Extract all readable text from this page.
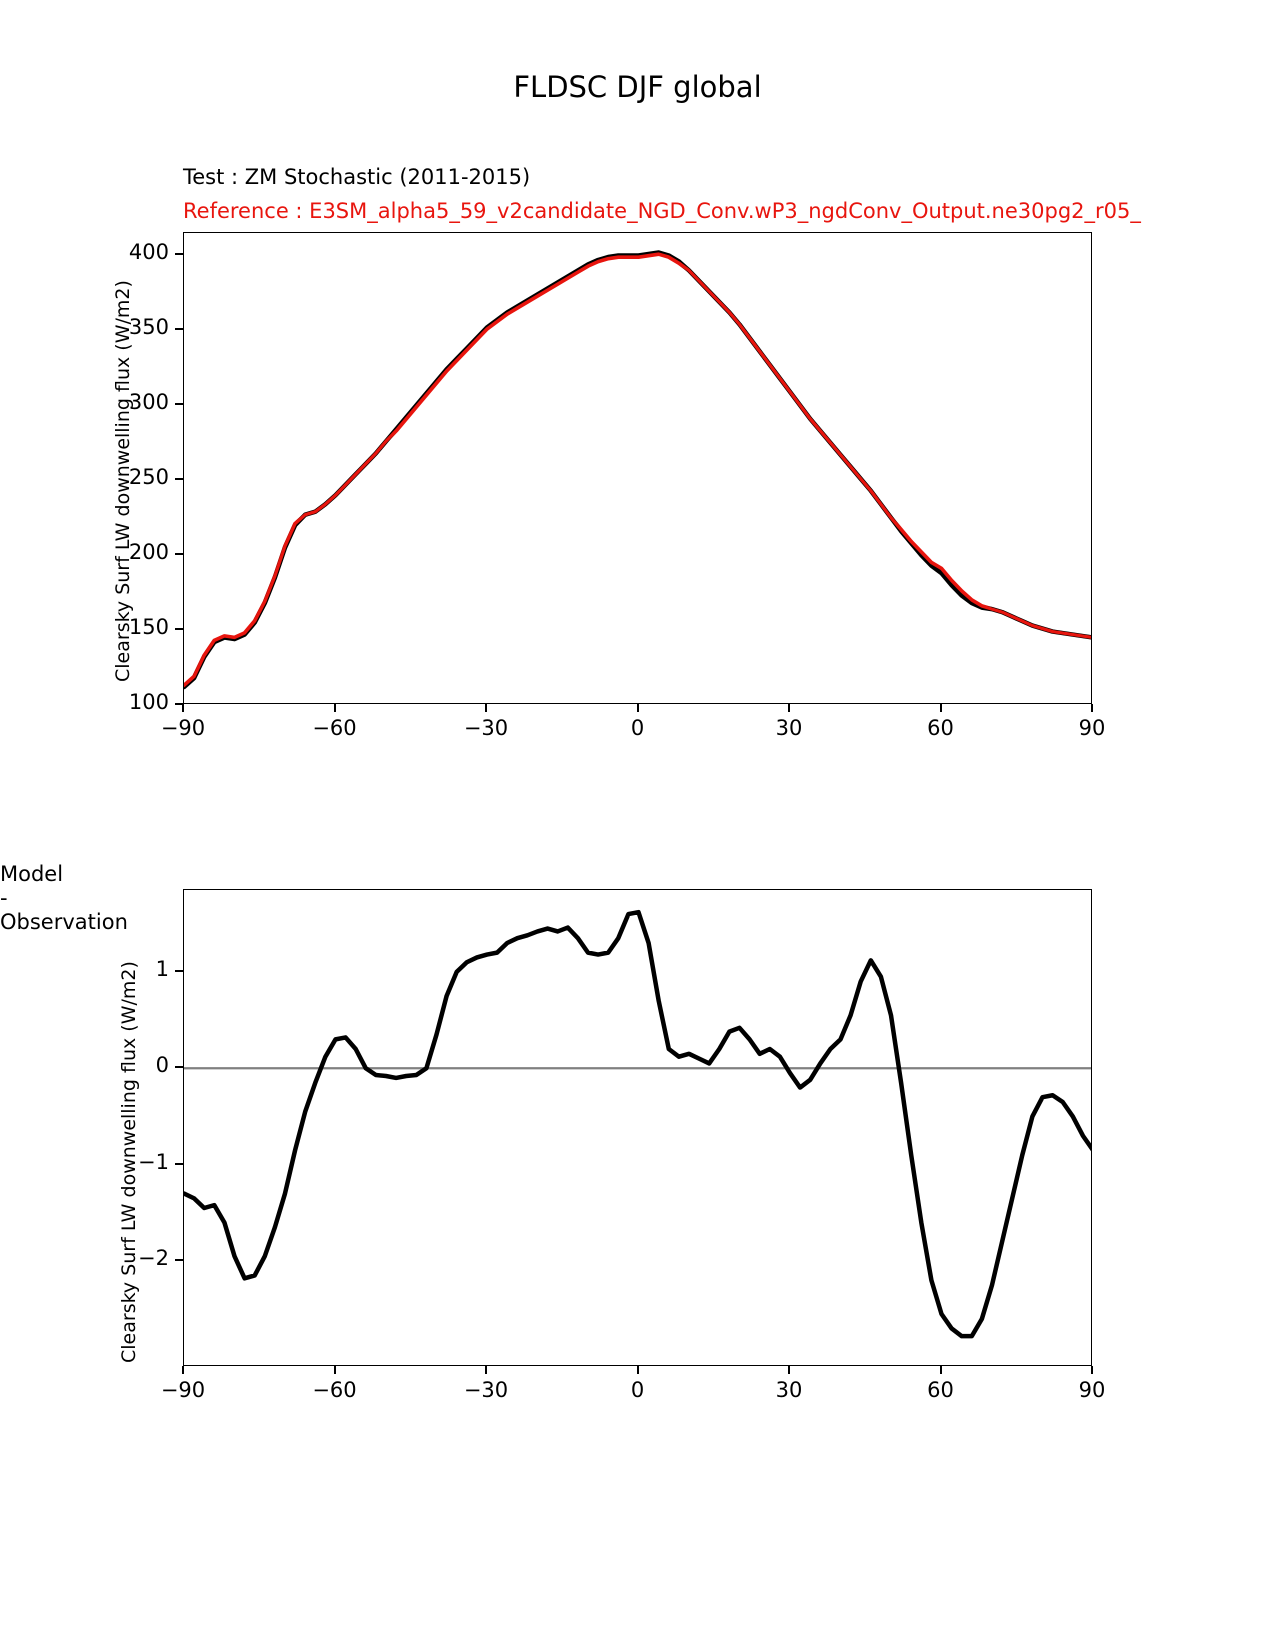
FLDSC DJF global
Test : ZM Stochastic (2011-2015)
Reference : E3SM_alpha5_59_v2candidate_NGD_Conv.wP3_ngdConv_Output.ne30pg2_r05_
Clearsky Surf LW downwelling flux (W/m2)
100
150
200
250
300
350
400
−90	−60	−30	0	30	60	90
Model - Observation
Clearsky Surf LW downwelling flux (W/m2)
−2
−1
0
1
−90	−60	−30	0	30	60	90
